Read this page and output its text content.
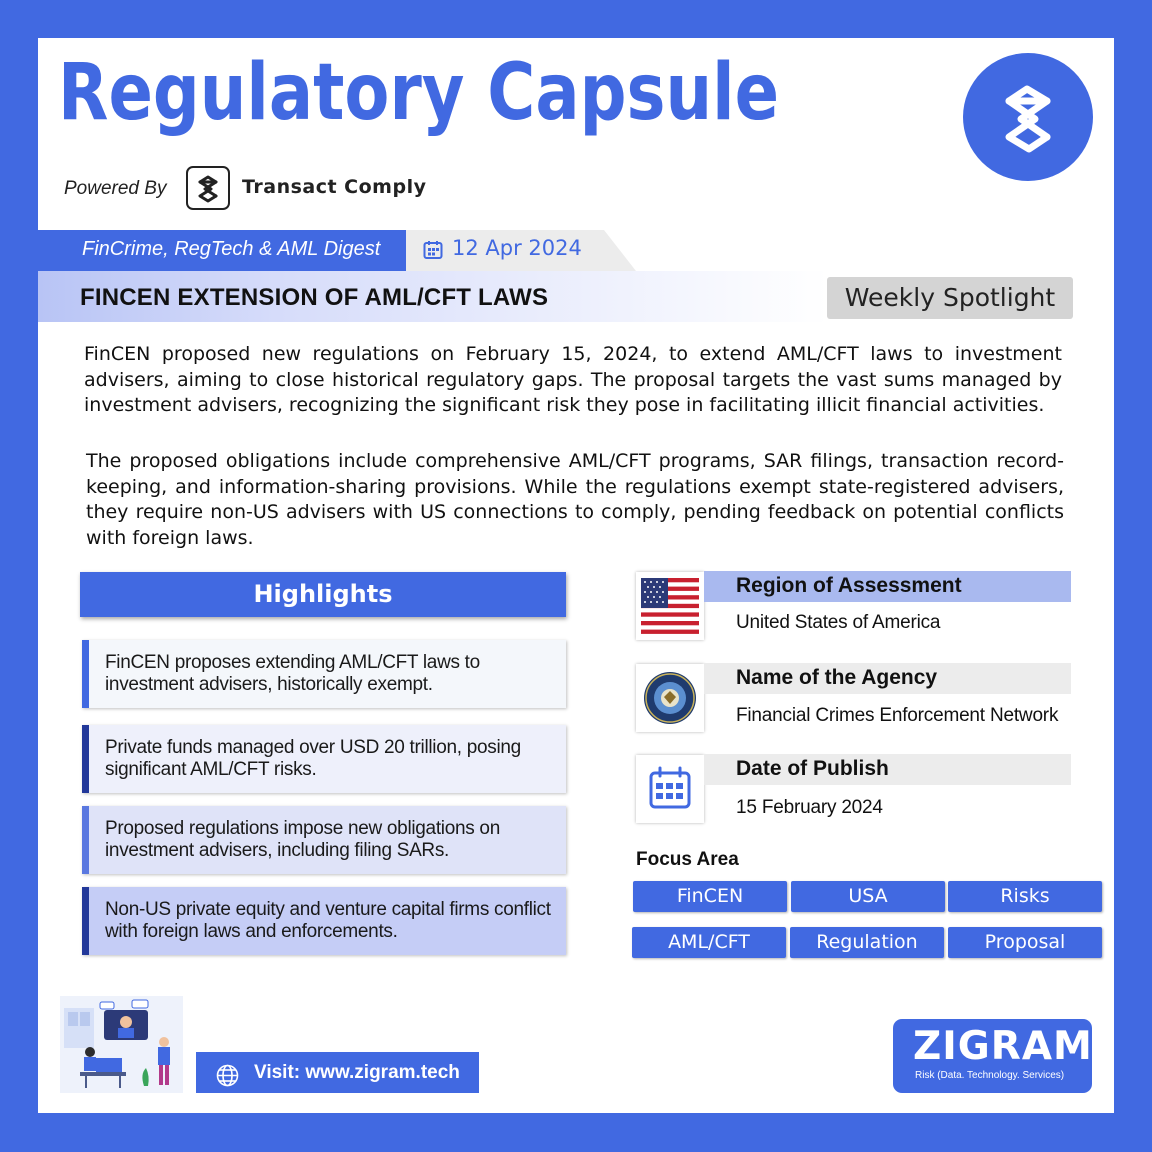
Regulatory Capsule
Powered By	Transact Comply
FinCrime, RegTech & AML Digest	12 Apr 2024
FINCEN EXTENSION OF AML/CFT LAWS	Weekly Spotlight

FinCEN proposed new regulations on February 15, 2024, to extend AML/CFT laws to investment advisers, aiming to close historical regulatory gaps. The proposal targets the vast sums managed by investment advisers, recognizing the significant risk they pose in facilitating illicit financial activities.

The proposed obligations include comprehensive AML/CFT programs, SAR filings, transaction record-keeping, and information-sharing provisions. While the regulations exempt state-registered advisers, they require non-US advisers with US connections to comply, pending feedback on potential conflicts with foreign laws.

Highlights
FinCEN proposes extending AML/CFT laws to investment advisers, historically exempt.
Private funds managed over USD 20 trillion, posing significant AML/CFT risks.
Proposed regulations impose new obligations on investment advisers, including filing SARs.
Non-US private equity and venture capital firms conflict with foreign laws and enforcements.
Region of Assessment
United States of America
Name of the Agency
Financial Crimes Enforcement Network
Date of Publish
15 February 2024
Focus Area
FinCEN	USA	Risks
AML/CFT	Regulation	Proposal
Visit: www.zigram.tech
ZIGRAM
Risk (Data. Technology. Services)
